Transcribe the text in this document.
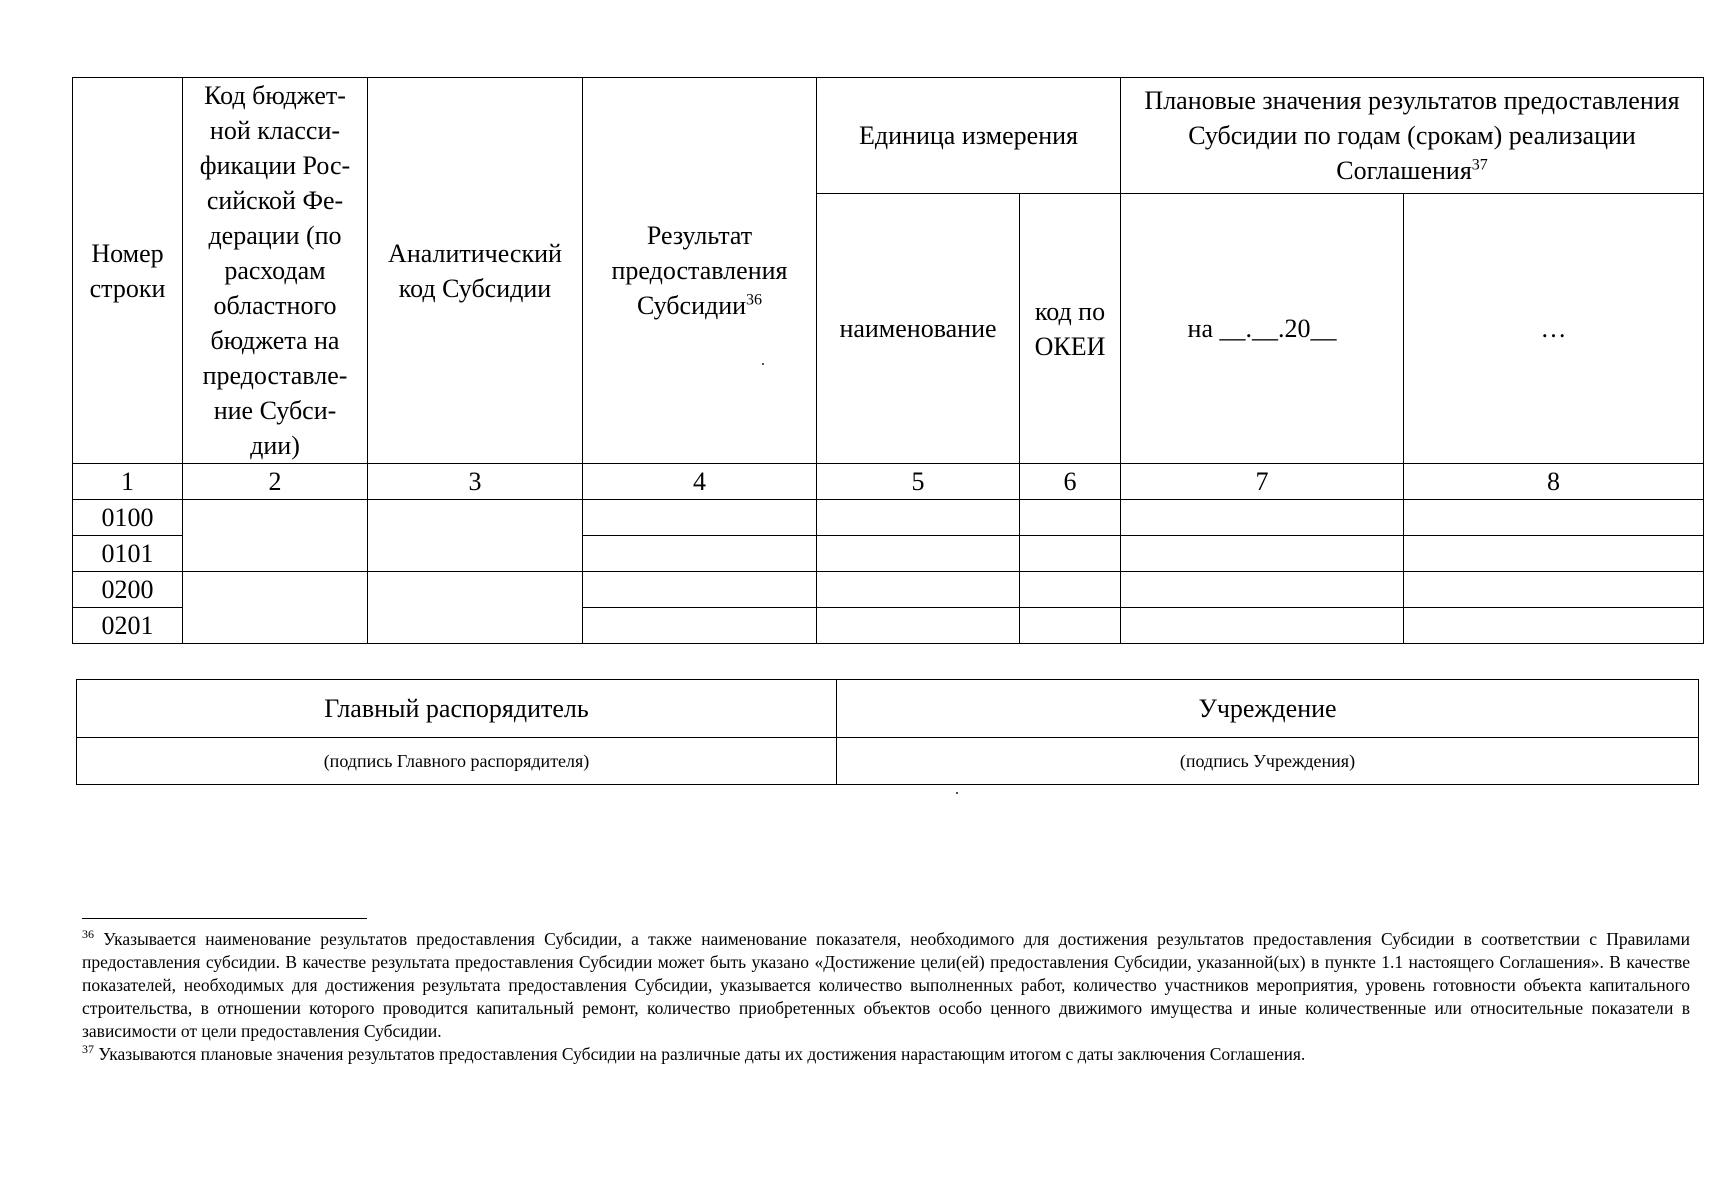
Номер строки	Код бюджет-ной класси-фикации Рос-сийской Фе-дерации (по расходам областного бюджета на предоставле-ние Субси-дии)	Аналитический код Субсидии	Результат предоставления Субсидии$^{36}$	Единица измерения		Плановые значения результатов предоставления Субсидии по годам (срокам) реализации Соглашения$^{37}$
				наименование	код по ОКЕИ	на __.__.20__	…
1	2	3	4	5	6	7	8
0100							
0101							
0200							
0201							
Главный распорядитель	Учреждение
(подпись Главного распорядителя)	(подпись Учреждения)

$^{36}$ Указывается наименование результатов предоставления Субсидии, а также наименование показателя, необходимого для достижения результатов предоставления Субсидии в соответствии с Правилами предоставления субсидии. В качестве результата предоставления Субсидии может быть указано «Достижение цели(ей) предоставления Субсидии, указанной(ых) в пункте 1.1 настоящего Соглашения». В качестве показателей, необходимых для достижения результата предоставления Субсидии, указывается количество выполненных работ, количество участников мероприятия, уровень готовности объекта капитального строительства, в отношении которого проводится капитальный ремонт, количество приобретенных объектов особо ценного движимого имущества и иные количественные или относительные показатели в зависимости от цели предоставления Субсидии.

$^{37}$ Указываются плановые значения результатов предоставления Субсидии на различные даты их достижения нарастающим итогом с даты заключения Соглашения.
